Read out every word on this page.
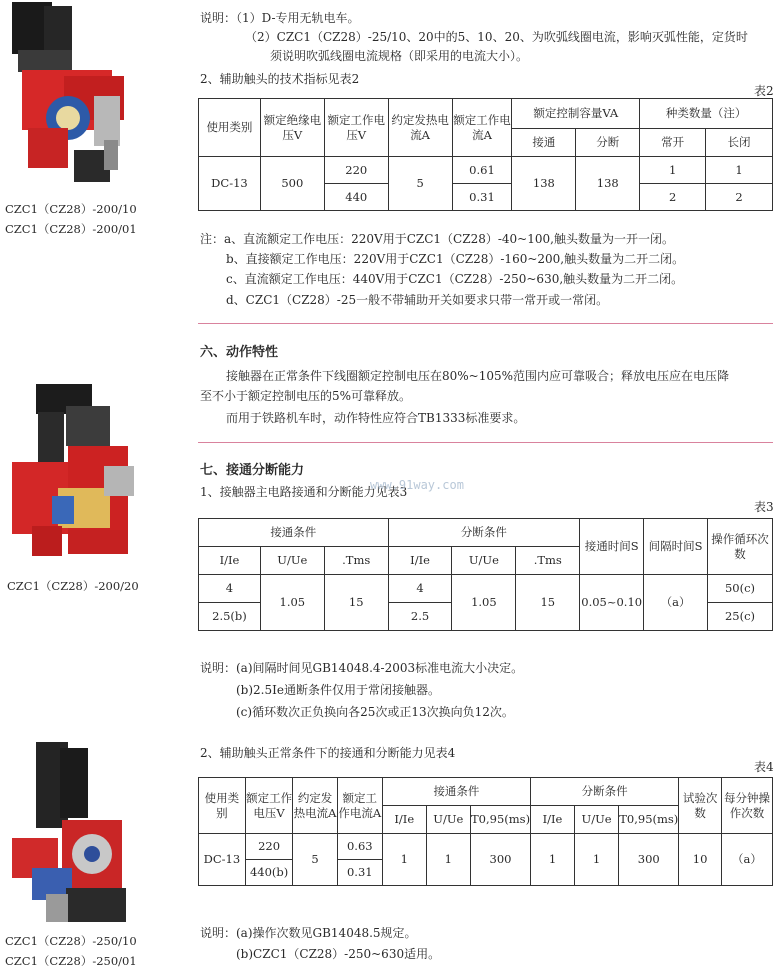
CZC1（CZ28）-200/10
CZC1（CZ28）-200/01
CZC1（CZ28）-200/20
CZC1（CZ28）-250/10
CZC1（CZ28）-250/01
说明：（1）D-专用无轨电车。
（2）CZC1（CZ28）-25/10、20中的5、10、20、为吹弧线圈电流，影响灭弧性能，定货时
须说明吹弧线圈电流规格（即采用的电流大小）。
2、辅助触头的技术指标见表2
表2
使用类别	额定绝缘电压V	额定工作电压V	约定发热电流A	额定工作电流A	额定控制容量VA		种类数量（注）	
					接通	分断	常开	长闭
DC-13	500	220	5	0.61	138	138	1	1
		440		0.31			2	2
注：a、直流额定工作电压：220V用于CZC1（CZ28）-40~100,触头数量为一开一闭。
b、直接额定工作电压：220V用于CZC1（CZ28）-160~200,触头数量为二开二闭。
c、直流额定工作电压：440V用于CZC1（CZ28）-250~630,触头数量为二开二闭。
d、CZC1（CZ28）-25一般不带辅助开关如要求只带一常开或一常闭。
六、动作特性
接触器在正常条件下线圈额定控制电压在80%~105%范围内应可靠吸合；释放电压应在电压降
至不小于额定控制电压的5%可靠释放。
而用于铁路机车时，动作特性应符合TB1333标准要求。
七、接通分断能力
1、接触器主电路接通和分断能力见表3
www.91way.com
表3
接通条件			分断条件			接通时间S	间隔时间S	操作循环次数
I/Ie	U/Ue	.Tms	I/Ie	U/Ue	.Tms			
4	1.05	15	4	1.05	15	0.05~0.10	（a）	50(c)
2.5(b)			2.5					25(c)
说明：(a)间隔时间见GB14048.4-2003标准电流大小决定。
(b)2.5Ie通断条件仅用于常闭接触器。
(c)循环数次正负换向各25次或正13次换向负12次。
2、辅助触头正常条件下的接通和分断能力见表4
表4
使用类别	额定工作电压V	约定发热电流A	额定工作电流A	接通条件			分断条件			试验次数	每分钟操作次数
				I/Ie	U/Ue	T0,95(ms)	I/Ie	U/Ue	T0,95(ms)		
DC-13	220	5	0.63	1	1	300	1	1	300	10	（a）
	440(b)		0.31								
说明：(a)操作次数见GB14048.5规定。
(b)CZC1（CZ28）-250~630适用。
